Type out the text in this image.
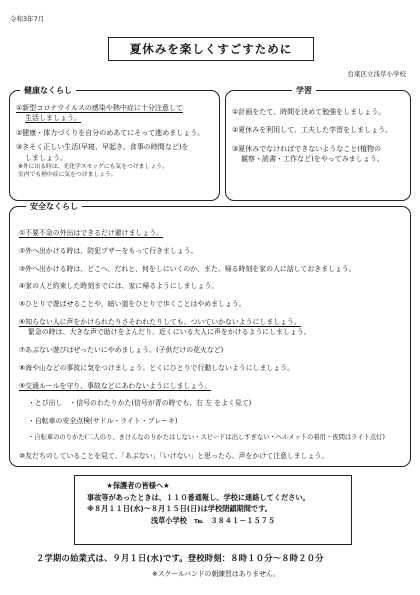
令和3年7月
夏休みを楽しくすごすために
台東区立浅草小学校
健康なくらし
①新型コロナウイルスの感染や熱中症に十分注意して
生活しましょう。
②健康・体力づくりを自分のめあてにそって進めましょう。
③きそく正しい生活(早寝、早起き、食事の時間など)を
しましょう。
※外に出る時は、光化学スモッグにも気をつけましょう。
室内でも熱中症に気をつけましょう。
学習
①計画をたて、時間を決めて勉強をしましょう。
②夏休みを利用して、工夫した学習をしましょう。
③夏休みでなければできないようなこと(植物の
観察・読書・工作など)をやってみましょう。
安全なくらし
①不要不急の外出はできるだけ避けましょう。
②外へ出かける時は、防犯ブザーをもって行きましょう。
③外へ出かける時は、どこへ、だれと、何をしにいくのか、また、帰る時刻を家の人に話しておきましょう。
④家の人と約束した時刻までには、家に帰るようにしましょう。
⑤ひとりで遊ばせることや、暗い道をひとりで歩くことはやめましょう。
⑥知らない人に声をかけられたりさそわれたりしても、ついていかないようにしましょう。
緊急の時は、大きな声で助けをよんだり、近くにいる大人に声をかけるようにしましょう。
⑦あぶない遊びはぜったいにやめましょう。(子供だけの花火など)
⑧海や山などの事故に気をつけましょう。とくにひとりで行動しないようにしましょう。
⑨交通ルールを守り、事故などにあわないようにしましょう。
・とび出し　・信号のわたりかた(信号が青の時でも、右 左 をよく見て)
・自転車の安全点検(サドル・ライト・ブレーキ)
・自転車ののりかた(二人のり、きけんなのりかたはしない・スピードは出しすぎない・ヘルメットの着用・夜間はライト点灯)
⑩友だちのしていることを見て、「あぶない」「いけない」と思ったら、声をかけて注意しましょう。
★保護者の皆様へ★
事故等があったときは、１１０番通報し、学校に連絡してください。
※８月１１日(水)～８月１５日(日)は学校閉鎖期間です。
浅草小学校　℡　３８４１－１５７５
２学期の始業式は、９月１日(水)です。登校時刻：８時１０分～８時２０分
※スクールバンドの朝練習はありません。
